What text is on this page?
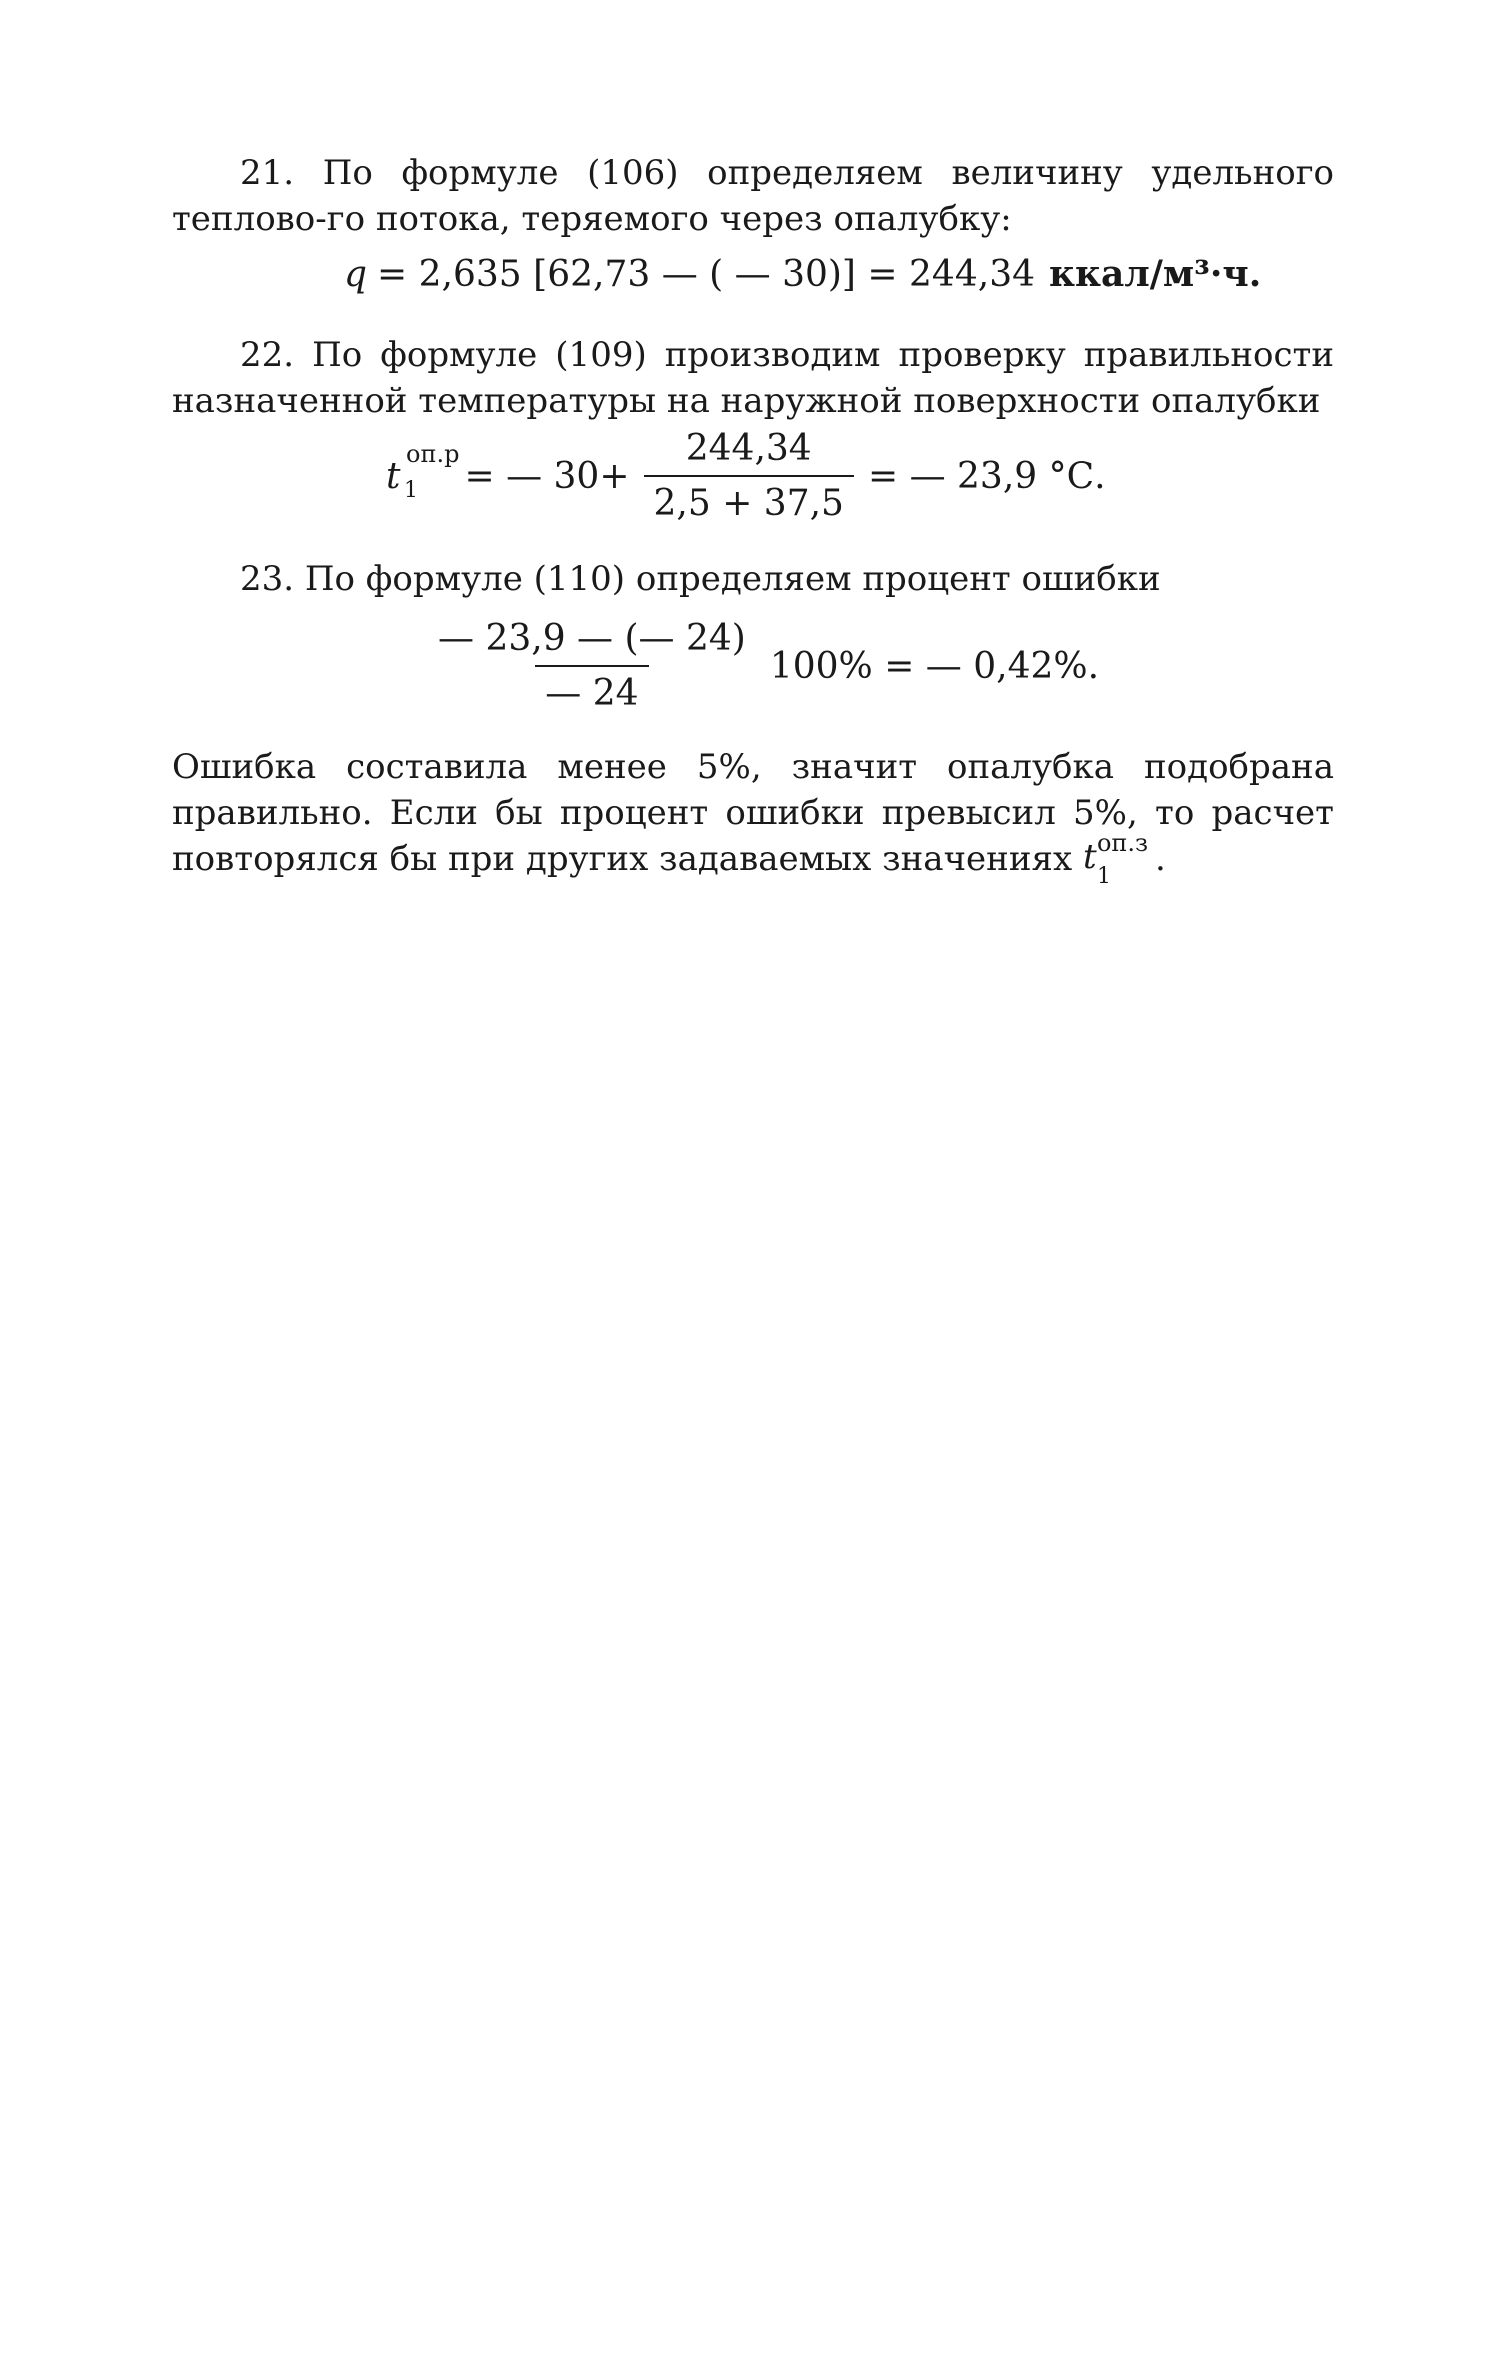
21. По формуле (106) определяем величину удельного теплово-го потока, теряемого через опалубку:

q = 2,635 [62,73 — ( — 30)] = 244,34 ккал/м³·ч.

22. По формуле (109) производим проверку правильности назначенной температуры на наружной поверхности опалубки

t
оп.р
1 = — $30+ \frac{244,34}{2,5 + 37,5}$ = — 23,9 °С.

23. По формуле (110) определяем процент ошибки

$\frac{— 23,9 — (— 24)}{— 24} 100\%$ = — 0,42%.

Ошибка составила менее 5%, значит опалубка подобрана правильно. Если бы процент ошибки превысил 5%, то расчет повторялся бы при других задаваемых значениях t оп.з
1 .
